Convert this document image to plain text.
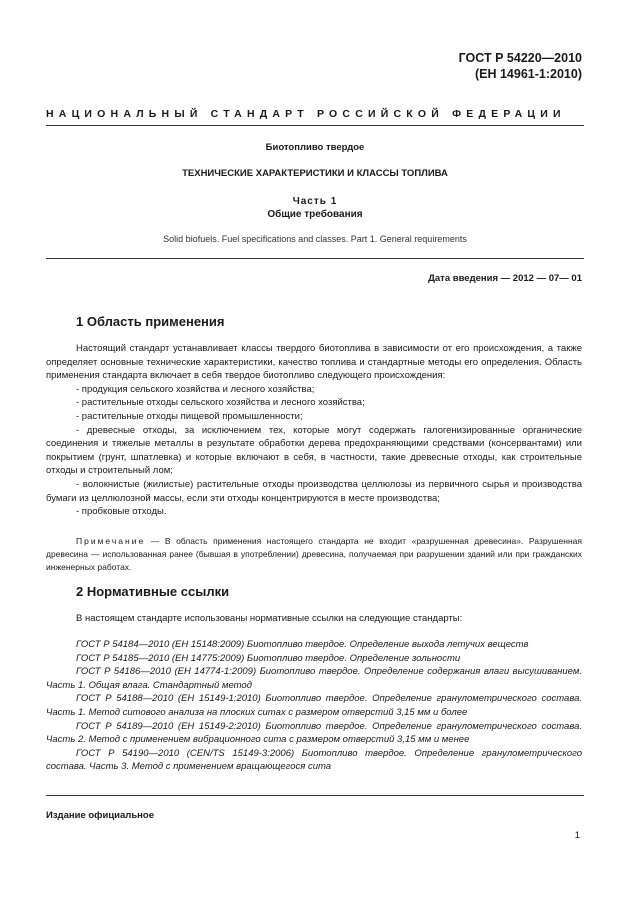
ГОСТ Р 54220—2010
(ЕН 14961-1:2010)
НАЦИОНАЛЬНЫЙ СТАНДАРТ РОССИЙСКОЙ ФЕДЕРАЦИИ
Биотопливо твердое
ТЕХНИЧЕСКИЕ ХАРАКТЕРИСТИКИ И КЛАССЫ ТОПЛИВА
Часть 1
Общие требования
Solid biofuels. Fuel specifications and classes. Part 1. General requirements
Дата введения — 2012 — 07— 01
1 Область применения

Настоящий стандарт устанавливает классы твердого биотоплива в зависимости от его происхождения, а также определяет основные технические характеристики, качество топлива и стандартные методы его определения. Область применения стандарта включает в себя твердое биотопливо следующего происхождения:

- продукция сельского хозяйства и лесного хозяйства;

- растительные отходы сельского хозяйства и лесного хозяйства;

- растительные отходы пищевой промышленности;

- древесные отходы, за исключением тех, которые могут содержать галогенизированные органические соединения и тяжелые металлы в результате обработки дерева предохраняющими средствами (консервантами) или покрытием (грунт, шпатлевка) и которые включают в себя, в частности, такие древесные отходы, как строительные отходы и строительный лом;

- волокнистые (жилистые) растительные отходы производства целлюлозы из первичного сырья и производства бумаги из целлюлозной массы, если эти отходы концентрируются в месте производства;

- пробковые отходы.

Примечание — В область применения настоящего стандарта не входит «разрушенная древесина». Разрушенная древесина — использованная ранее (бывшая в употреблении) древесина, получаемая при разрушении зданий или при гражданских инженерных работах.

2 Нормативные ссылки

В настоящем стандарте использованы нормативные ссылки на следующие стандарты:

ГОСТ Р 54184—2010 (ЕН 15148:2009) Биотопливо твердое. Определение выхода летучих веществ

ГОСТ Р 54185—2010 (ЕН 14775:2009) Биотопливо твердое. Определение зольности

ГОСТ Р 54186—2010 (ЕН 14774-1:2009) Биотопливо твердое. Определение содержания влаги высушиванием. Часть 1. Общая влага. Стандартный метод

ГОСТ Р 54188—2010 (ЕН 15149-1:2010) Биотопливо твердое. Определение гранулометрического состава. Часть 1. Метод ситового анализа на плоских ситах с размером отверстий 3,15 мм и более

ГОСТ Р 54189—2010 (ЕН 15149-2:2010) Биотопливо твердое. Определение гранулометрического состава. Часть 2. Метод с применением вибрационного сита с размером отверстий 3,15 мм и менее

ГОСТ Р 54190—2010 (CEN/TS 15149-3:2006) Биотопливо твердое. Определение гранулометрического состава. Часть 3. Метод с применением вращающегося сита

Издание официальное
1
